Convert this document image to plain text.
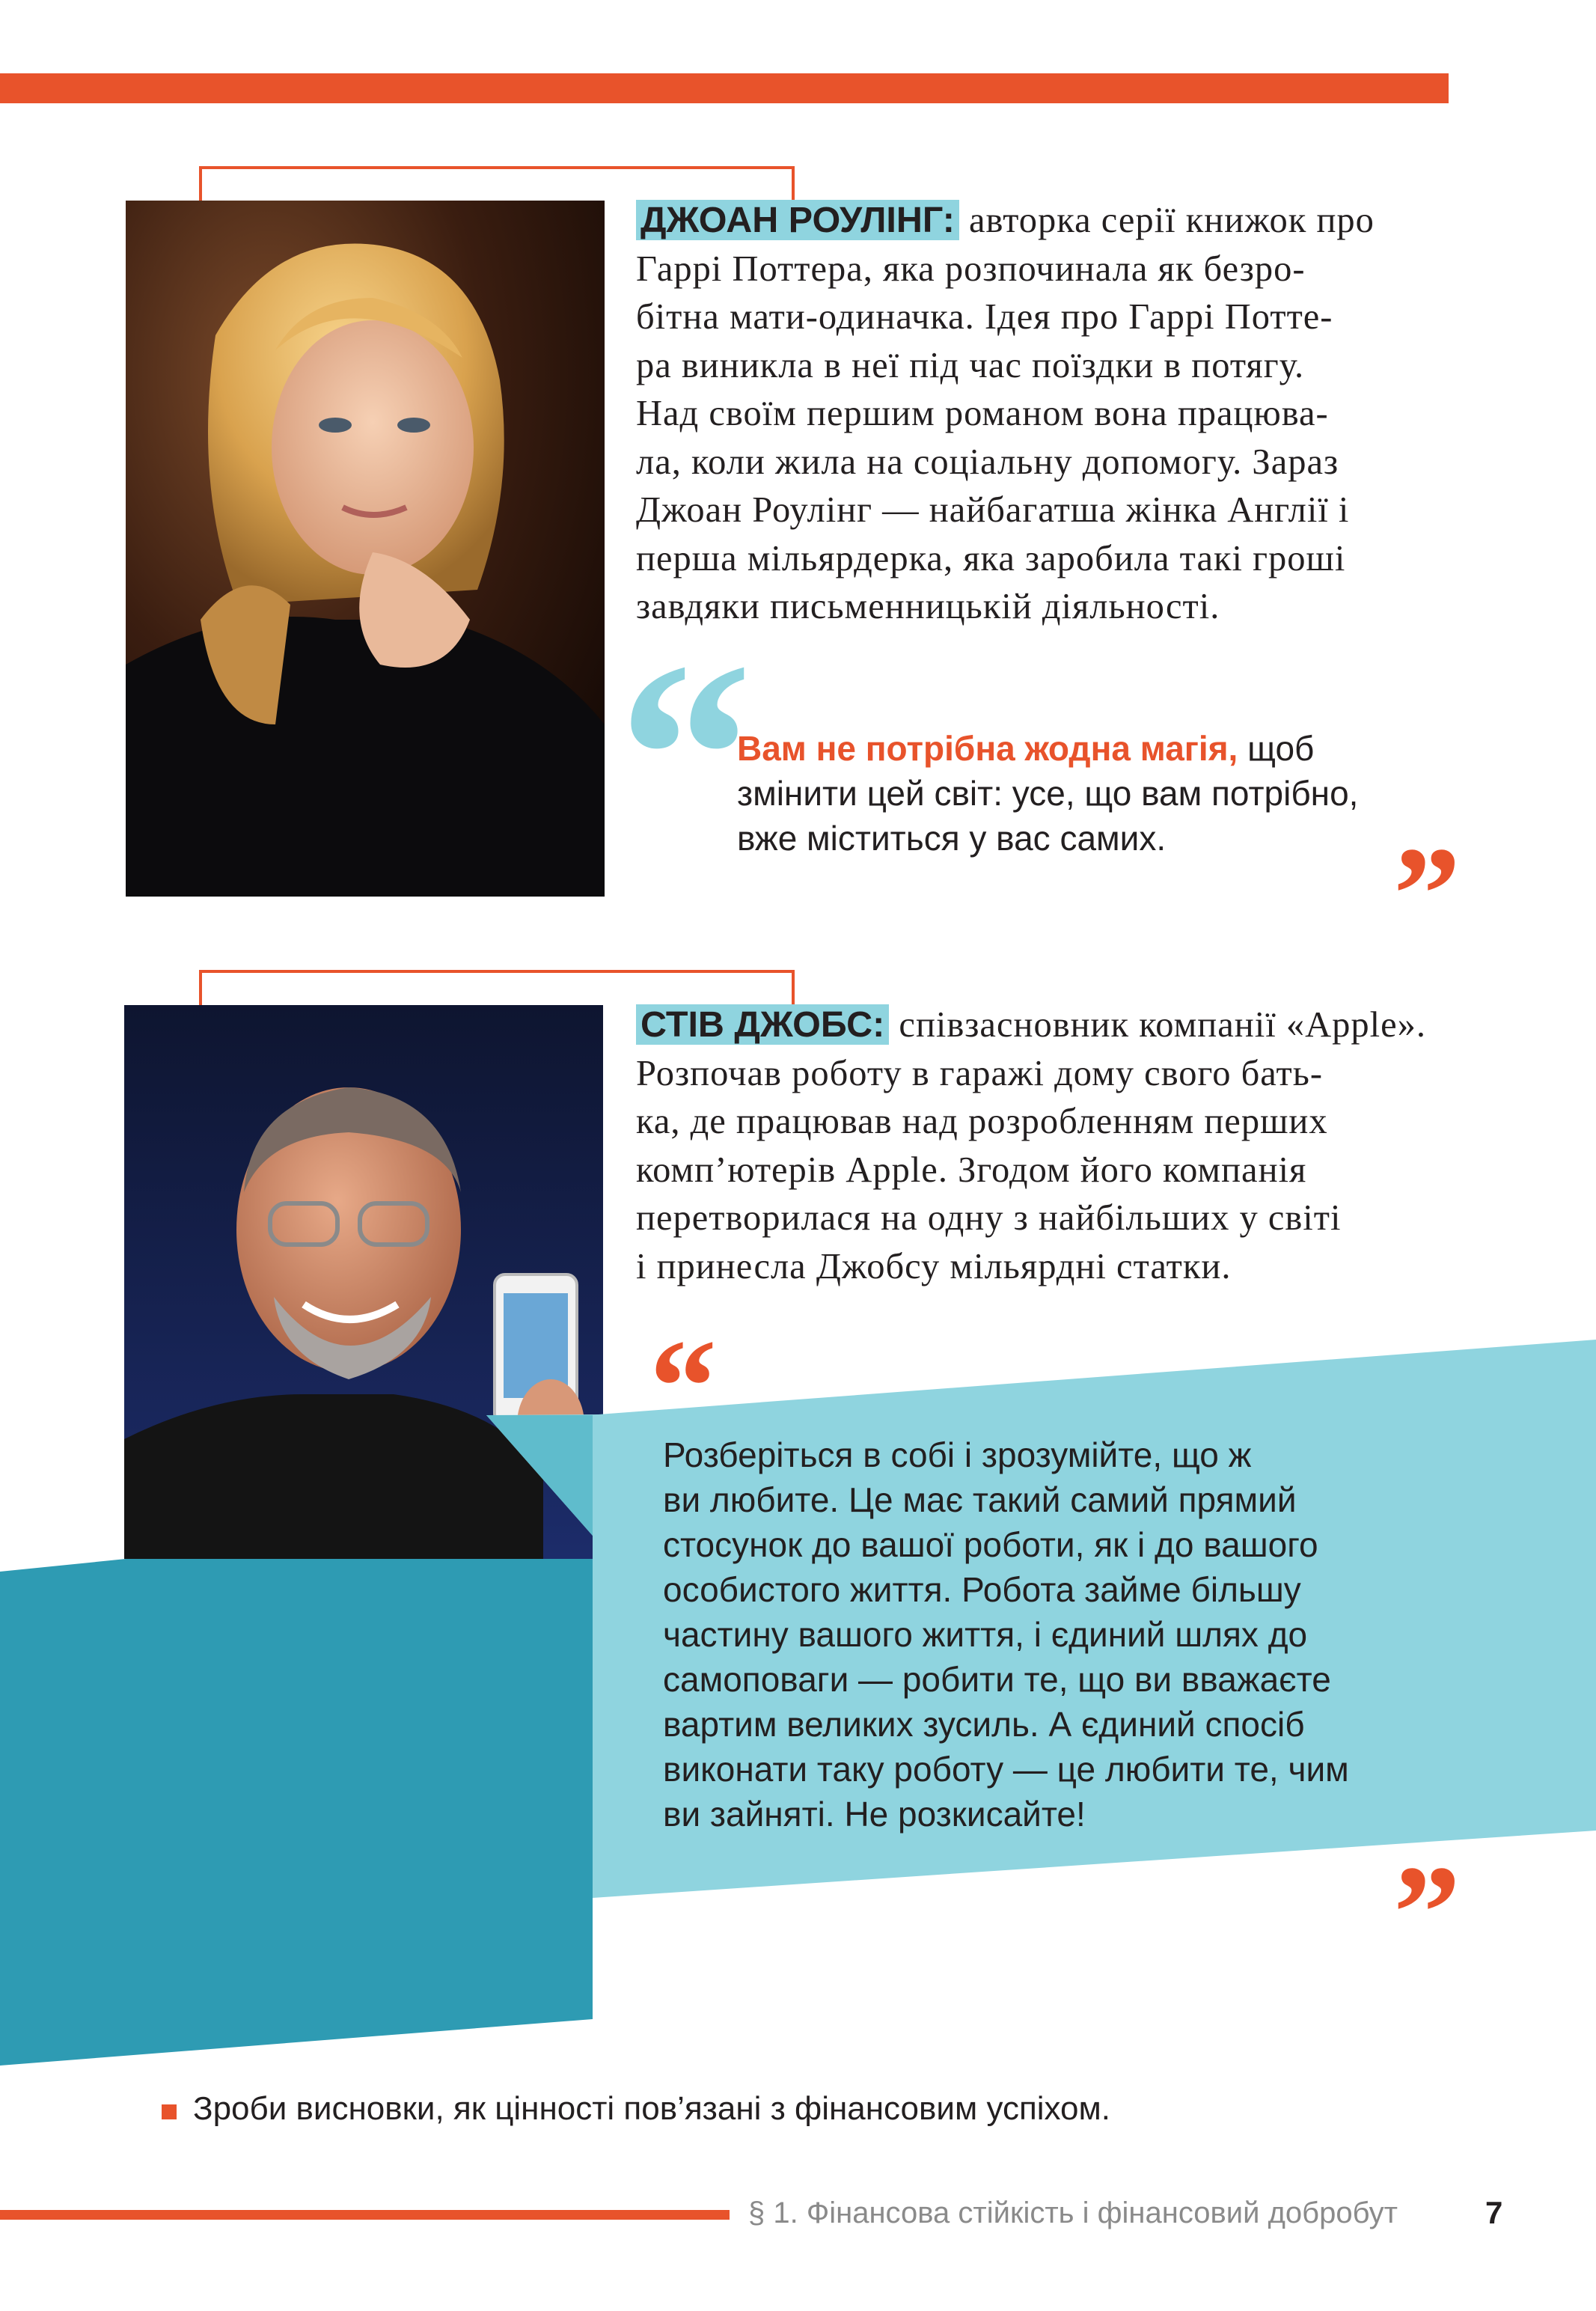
ДЖОАН РОУЛІНГ: авторка серії книжок про
Гаррі Поттера, яка розпочинала як безро-
бітна мати-одиначка. Ідея про Гаррі Потте-
ра виникла в неї під час поїздки в потягу.
Над своїм першим романом вона працюва-
ла, коли жила на соціальну допомогу. Зараз
Джоан Роулінг — найбагатша жінка Англії і
перша мільярдерка, яка заробила такі гроші
завдяки письменницькій діяльності.
“
Вам не потрібна жодна магія, щоб
змінити цей світ: усе, що вам потрібно,
вже міститься у вас самих.	”
СТІВ ДЖОБС: співзасновник компанії «Apple».
Розпочав роботу в гаражі дому свого бать-
ка, де працював над розробленням перших
комп’ютерів Apple. Згодом його компанія
перетворилася на одну з найбільших у світі
і принесла Джобсу мільярдні статки.
“
Розберіться в собі і зрозумійте, що ж
ви любите. Це має такий самий прямий
стосунок до вашої роботи, як і до вашого
особистого життя. Робота займе більшу
частину вашого життя, і єдиний шлях до
самоповаги — робити те, що ви вважаєте
вартим великих зусиль. А єдиний спосіб
виконати таку роботу — це любити те, чим
ви зайняті. Не розкисайте!
”
Зроби висновки, як цінності пов’язані з фінансовим успіхом.
§ 1. Фінансова стійкість і фінансовий добробут	7
